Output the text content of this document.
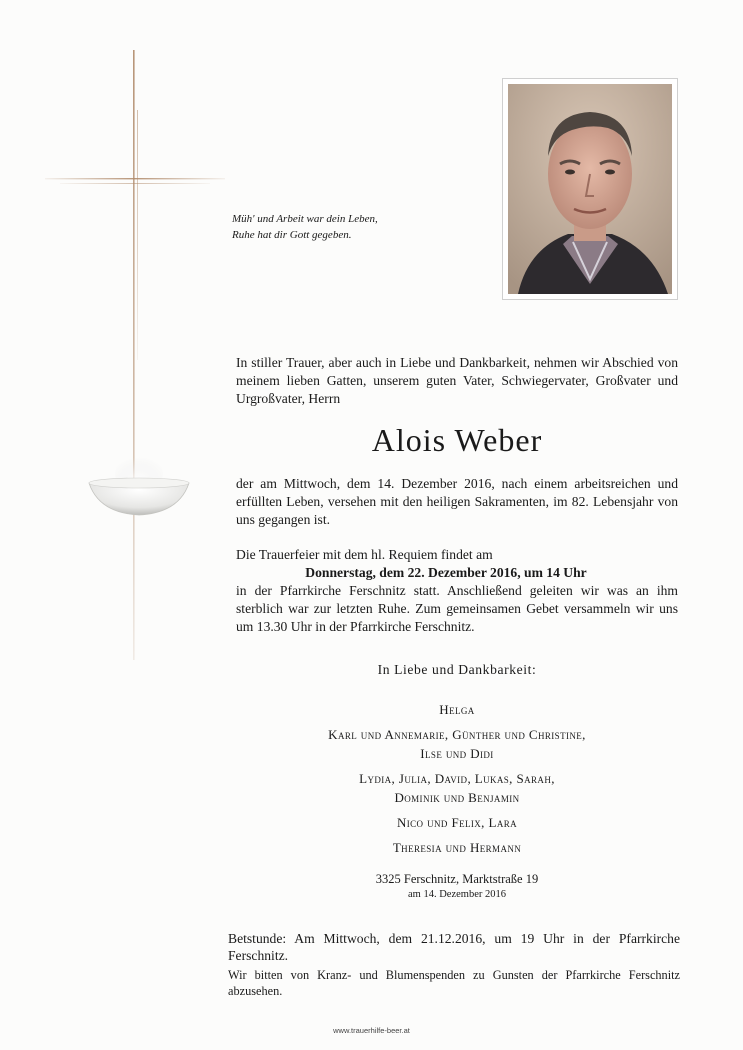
Müh' und Arbeit war dein Leben,
Ruhe hat dir Gott gegeben.

In stiller Trauer, aber auch in Liebe und Dankbarkeit, nehmen wir Abschied von meinem lieben Gatten, unserem guten Vater, Schwiegervater, Großvater und Urgroßvater, Herrn

Alois Weber

der am Mittwoch, dem 14. Dezember 2016, nach einem arbeitsreichen und erfüllten Leben, versehen mit den heiligen Sakramenten, im 82. Lebensjahr von uns gegangen ist.

Die Trauerfeier mit dem hl. Requiem findet am
Donnerstag, dem 22. Dezember 2016, um 14 Uhr

in der Pfarrkirche Ferschnitz statt. Anschließend geleiten wir was an ihm sterblich war zur letzten Ruhe. Zum gemeinsamen Gebet versammeln wir uns um 13.30 Uhr in der Pfarrkirche Ferschnitz.

In Liebe und Dankbarkeit:
Helga
Karl und Annemarie, Günther und Christine,
Ilse und Didi
Lydia, Julia, David, Lukas, Sarah,
Dominik und Benjamin
Nico und Felix, Lara
Theresia und Hermann
3325 Ferschnitz, Marktstraße 19
am 14. Dezember 2016

Betstunde: Am Mittwoch, dem 21.12.2016, um 19 Uhr in der Pfarrkirche Ferschnitz.

Wir bitten von Kranz- und Blumenspenden zu Gunsten der Pfarrkirche Ferschnitz abzusehen.

www.trauerhilfe-beer.at
